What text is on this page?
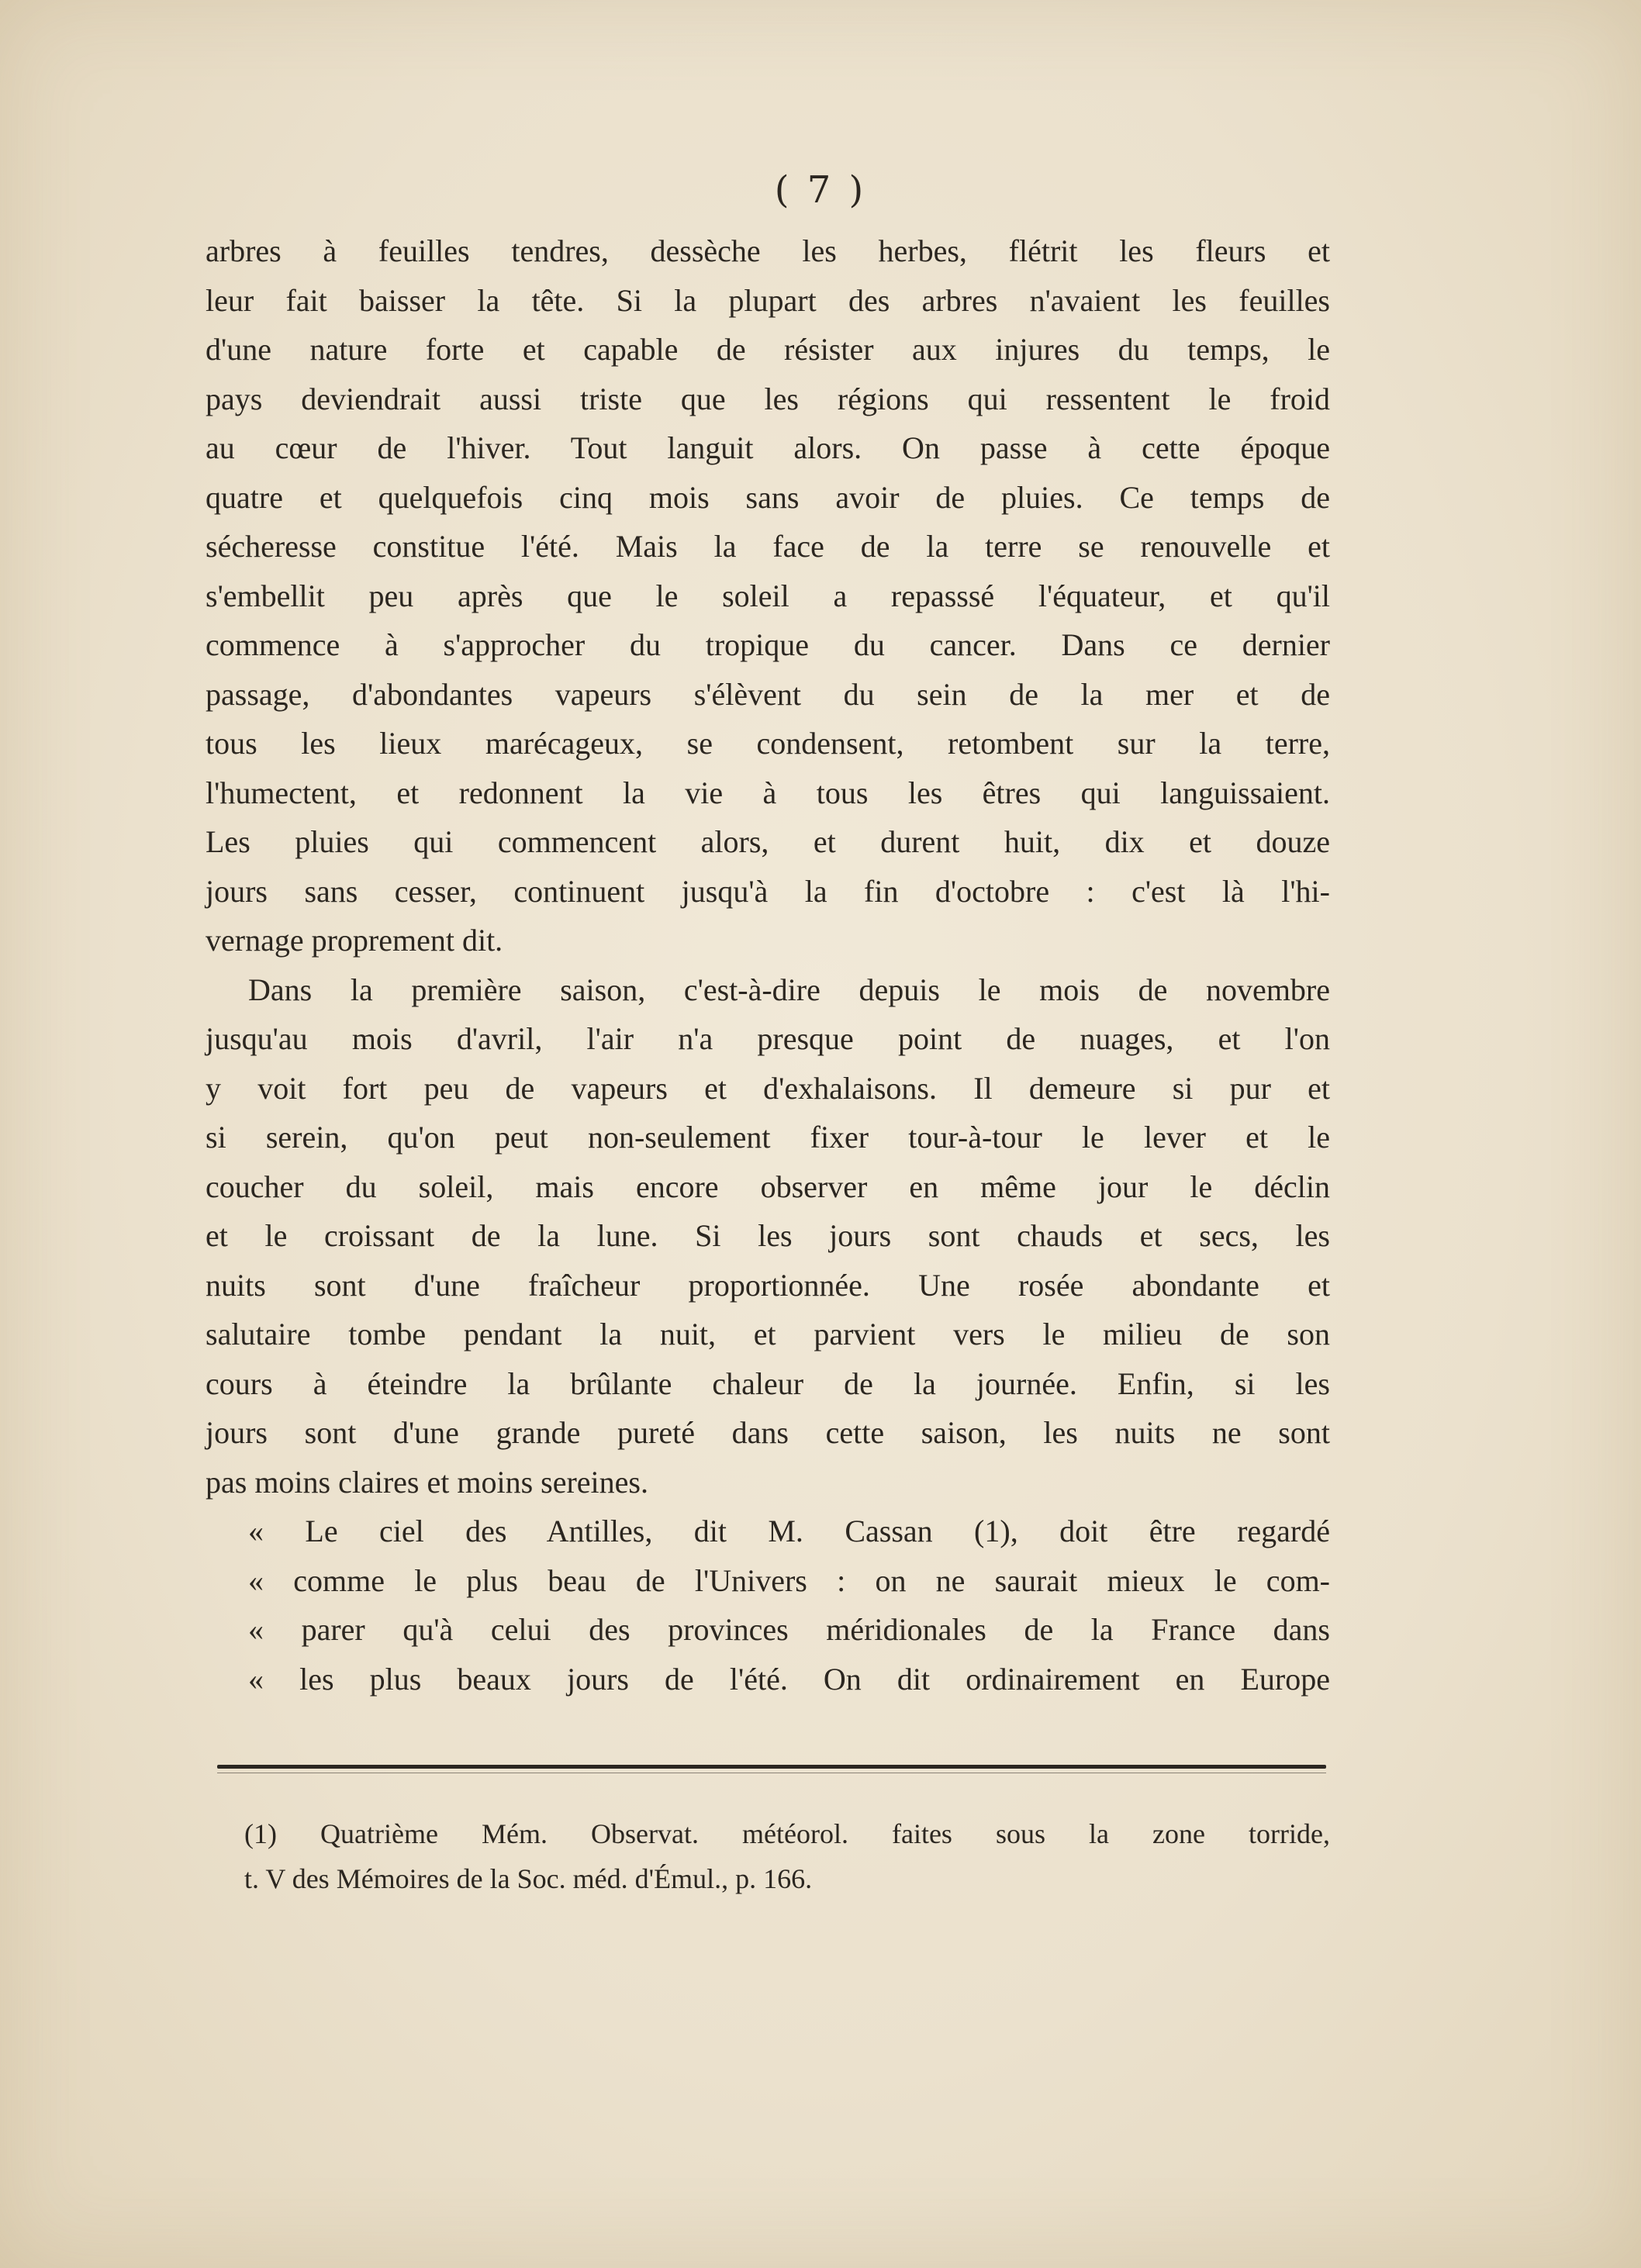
( 7 )
arbres à feuilles tendres, dessèche les herbes, flétrit les fleurs et
leur fait baisser la tête. Si la plupart des arbres n'avaient les feuilles
d'une nature forte et capable de résister aux injures du temps, le
pays deviendrait aussi triste que les régions qui ressentent le froid
au cœur de l'hiver. Tout languit alors. On passe à cette époque
quatre et quelquefois cinq mois sans avoir de pluies. Ce temps de
sécheresse constitue l'été. Mais la face de la terre se renouvelle et
s'embellit peu après que le soleil a repasssé l'équateur, et qu'il
commence à s'approcher du tropique du cancer. Dans ce dernier
passage, d'abondantes vapeurs s'élèvent du sein de la mer et de
tous les lieux marécageux, se condensent, retombent sur la terre,
l'humectent, et redonnent la vie à tous les êtres qui languissaient.
Les pluies qui commencent alors, et durent huit, dix et douze
jours sans cesser, continuent jusqu'à la fin d'octobre : c'est là l'hi-
vernage proprement dit.
Dans la première saison, c'est-à-dire depuis le mois de novembre
jusqu'au mois d'avril, l'air n'a presque point de nuages, et l'on
y voit fort peu de vapeurs et d'exhalaisons. Il demeure si pur et
si serein, qu'on peut non-seulement fixer tour-à-tour le lever et le
coucher du soleil, mais encore observer en même jour le déclin
et le croissant de la lune. Si les jours sont chauds et secs, les
nuits sont d'une fraîcheur proportionnée. Une rosée abondante et
salutaire tombe pendant la nuit, et parvient vers le milieu de son
cours à éteindre la brûlante chaleur de la journée. Enfin, si les
jours sont d'une grande pureté dans cette saison, les nuits ne sont
pas moins claires et moins sereines.
« Le ciel des Antilles, dit M. Cassan (1), doit être regardé
« comme le plus beau de l'Univers : on ne saurait mieux le com-
« parer qu'à celui des provinces méridionales de la France dans
« les plus beaux jours de l'été. On dit ordinairement en Europe
(1) Quatrième Mém. Observat. météorol. faites sous la zone torride,
t. V des Mémoires de la Soc. méd. d'Émul., p. 166.
